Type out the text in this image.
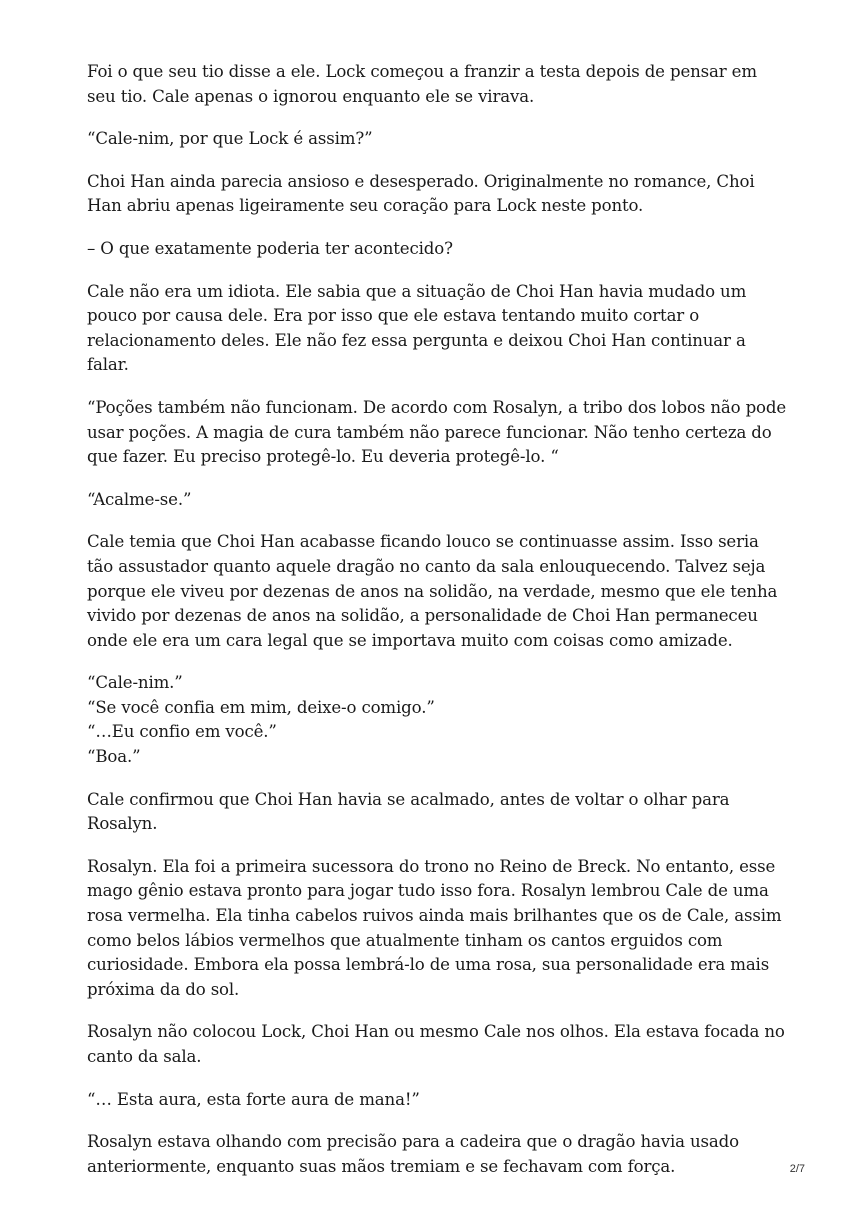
Foi o que seu tio disse a ele. Lock começou a franzir a testa depois de pensar em seu tio. Cale apenas o ignorou enquanto ele se virava.

“Cale-nim, por que Lock é assim?”

Choi Han ainda parecia ansioso e desesperado. Originalmente no romance, Choi Han abriu apenas ligeiramente seu coração para Lock neste ponto.

– O que exatamente poderia ter acontecido?

Cale não era um idiota. Ele sabia que a situação de Choi Han havia mudado um pouco por causa dele. Era por isso que ele estava tentando muito cortar o relacionamento deles. Ele não fez essa pergunta e deixou Choi Han continuar a falar.

“Poções também não funcionam. De acordo com Rosalyn, a tribo dos lobos não pode usar poções. A magia de cura também não parece funcionar. Não tenho certeza do que fazer. Eu preciso protegê-lo. Eu deveria protegê-lo. “

“Acalme-se.”

Cale temia que Choi Han acabasse ficando louco se continuasse assim. Isso seria tão assustador quanto aquele dragão no canto da sala enlouquecendo. Talvez seja porque ele viveu por dezenas de anos na solidão, na verdade, mesmo que ele tenha vivido por dezenas de anos na solidão, a personalidade de Choi Han permaneceu onde ele era um cara legal que se importava muito com coisas como amizade.

“Cale-nim.”
“Se você confia em mim, deixe-o comigo.”
“…Eu confio em você.”
“Boa.”

Cale confirmou que Choi Han havia se acalmado, antes de voltar o olhar para Rosalyn.

Rosalyn. Ela foi a primeira sucessora do trono no Reino de Breck. No entanto, esse mago gênio estava pronto para jogar tudo isso fora. Rosalyn lembrou Cale de uma rosa vermelha. Ela tinha cabelos ruivos ainda mais brilhantes que os de Cale, assim como belos lábios vermelhos que atualmente tinham os cantos erguidos com curiosidade. Embora ela possa lembrá-lo de uma rosa, sua personalidade era mais próxima da do sol.

Rosalyn não colocou Lock, Choi Han ou mesmo Cale nos olhos. Ela estava focada no canto da sala.

“… Esta aura, esta forte aura de mana!”

Rosalyn estava olhando com precisão para a cadeira que o dragão havia usado anteriormente, enquanto suas mãos tremiam e se fechavam com força.	2/7
